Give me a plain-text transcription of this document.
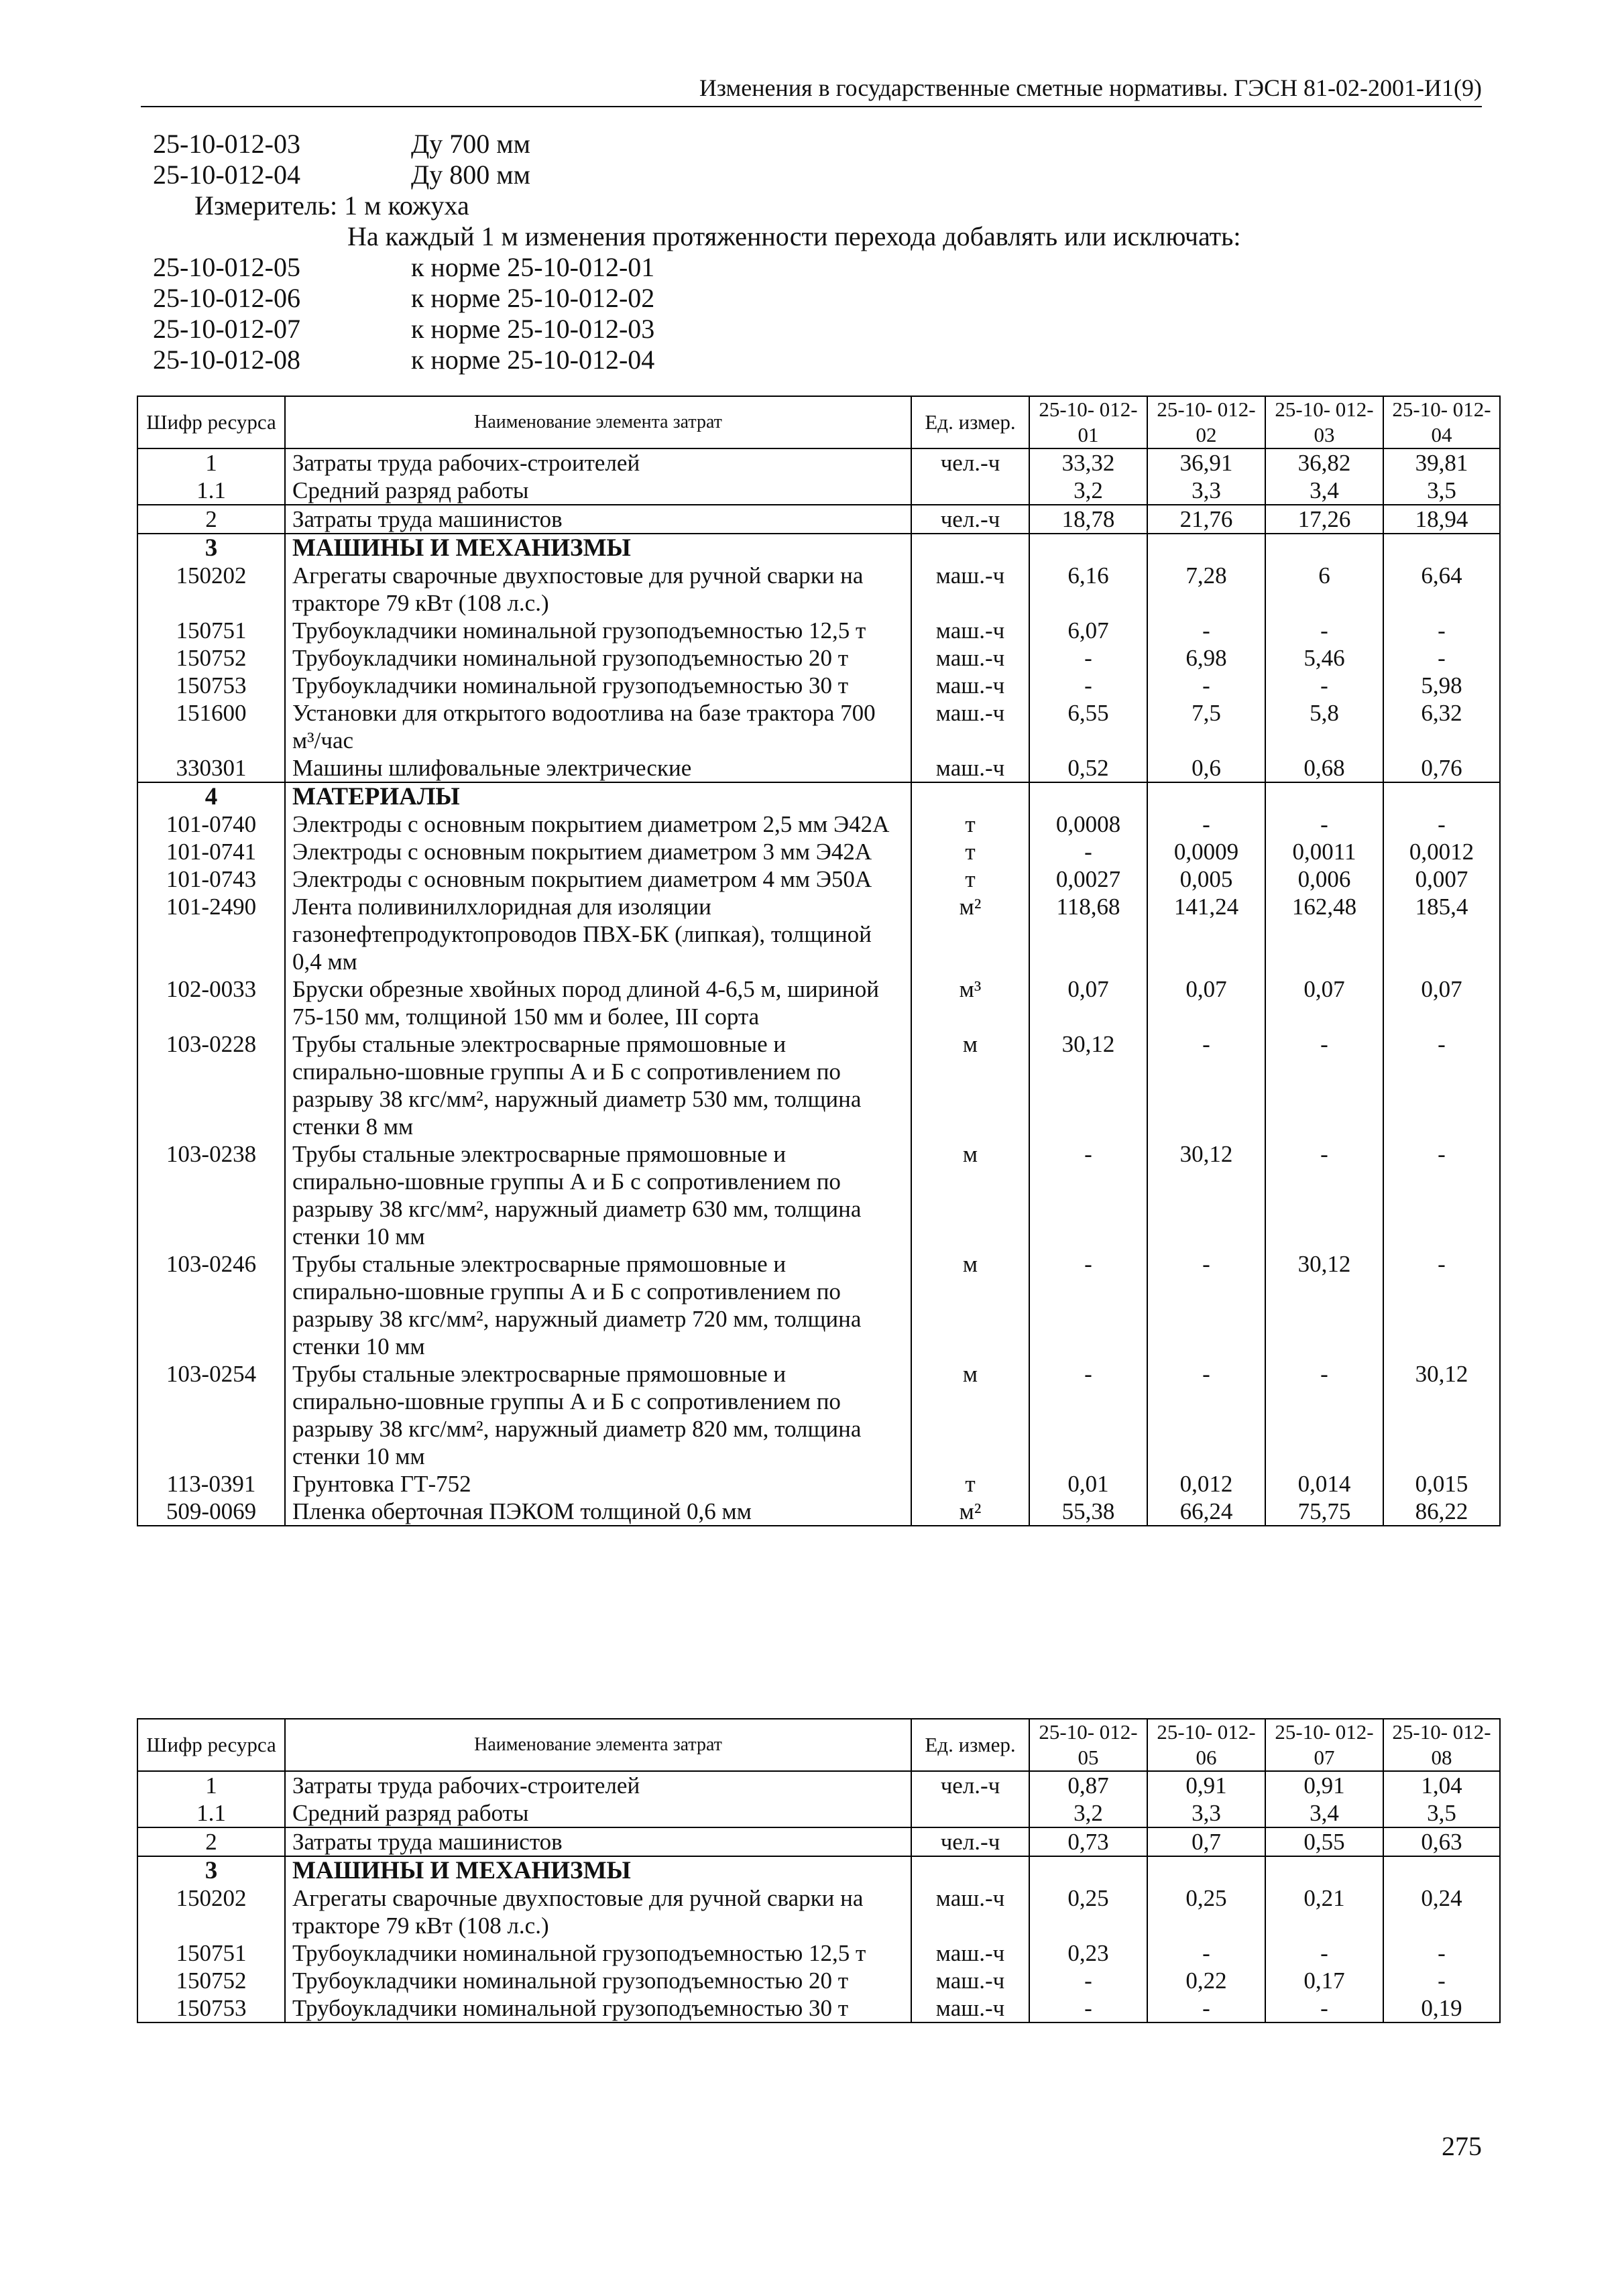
Изменения в государственные сметные нормативы. ГЭСН 81-02-2001-И1(9)
25-10-012-03	Ду 700 мм
25-10-012-04	Ду 800 мм
Измеритель: 1 м кожуха
На каждый 1 м изменения протяженности перехода добавлять или исключать:
25-10-012-05	к норме 25-10-012-01
25-10-012-06	к норме 25-10-012-02
25-10-012-07	к норме 25-10-012-03
25-10-012-08	к норме 25-10-012-04
Шифр ресурса	Наименование элемента затрат	Ед. измер.	25-10- 012-01	25-10- 012-02	25-10- 012-03	25-10- 012-04
1	Затраты труда рабочих-строителей	чел.-ч	33,32	36,91	36,82	39,81
1.1	Средний разряд работы		3,2	3,3	3,4	3,5
2	Затраты труда машинистов	чел.-ч	18,78	21,76	17,26	18,94
3	МАШИНЫ И МЕХАНИЗМЫ					
150202	Агрегаты сварочные двухпостовые для ручной сварки на тракторе 79 кВт (108 л.с.)	маш.-ч	6,16	7,28	6	6,64
150751	Трубоукладчики номинальной грузоподъемностью 12,5 т	маш.-ч	6,07	-	-	-
150752	Трубоукладчики номинальной грузоподъемностью 20 т	маш.-ч	-	6,98	5,46	-
150753	Трубоукладчики номинальной грузоподъемностью 30 т	маш.-ч	-	-	-	5,98
151600	Установки для открытого водоотлива на базе трактора 700 м³/час	маш.-ч	6,55	7,5	5,8	6,32
330301	Машины шлифовальные электрические	маш.-ч	0,52	0,6	0,68	0,76
4	МАТЕРИАЛЫ					
101-0740	Электроды с основным покрытием диаметром 2,5 мм Э42А	т	0,0008	-	-	-
101-0741	Электроды с основным покрытием диаметром 3 мм Э42А	т	-	0,0009	0,0011	0,0012
101-0743	Электроды с основным покрытием диаметром 4 мм Э50А	т	0,0027	0,005	0,006	0,007
101-2490	Лента поливинилхлоридная для изоляции газонефтепродуктопроводов ПВХ-БК (липкая), толщиной 0,4 мм	м²	118,68	141,24	162,48	185,4
102-0033	Бруски обрезные хвойных пород длиной 4-6,5 м, шириной 75-150 мм, толщиной 150 мм и более, III сорта	м³	0,07	0,07	0,07	0,07
103-0228	Трубы стальные электросварные прямошовные и спирально-шовные группы А и Б с сопротивлением по разрыву 38 кгс/мм², наружный диаметр 530 мм, толщина стенки 8 мм	м	30,12	-	-	-
103-0238	Трубы стальные электросварные прямошовные и спирально-шовные группы А и Б с сопротивлением по разрыву 38 кгс/мм², наружный диаметр 630 мм, толщина стенки 10 мм	м	-	30,12	-	-
103-0246	Трубы стальные электросварные прямошовные и спирально-шовные группы А и Б с сопротивлением по разрыву 38 кгс/мм², наружный диаметр 720 мм, толщина стенки 10 мм	м	-	-	30,12	-
103-0254	Трубы стальные электросварные прямошовные и спирально-шовные группы А и Б с сопротивлением по разрыву 38 кгс/мм², наружный диаметр 820 мм, толщина стенки 10 мм	м	-	-	-	30,12
113-0391	Грунтовка ГТ-752	т	0,01	0,012	0,014	0,015
509-0069	Пленка оберточная ПЭКОМ толщиной 0,6 мм	м²	55,38	66,24	75,75	86,22
Шифр ресурса	Наименование элемента затрат	Ед. измер.	25-10- 012-05	25-10- 012-06	25-10- 012-07	25-10- 012-08
1	Затраты труда рабочих-строителей	чел.-ч	0,87	0,91	0,91	1,04
1.1	Средний разряд работы		3,2	3,3	3,4	3,5
2	Затраты труда машинистов	чел.-ч	0,73	0,7	0,55	0,63
3	МАШИНЫ И МЕХАНИЗМЫ					
150202	Агрегаты сварочные двухпостовые для ручной сварки на тракторе 79 кВт (108 л.с.)	маш.-ч	0,25	0,25	0,21	0,24
150751	Трубоукладчики номинальной грузоподъемностью 12,5 т	маш.-ч	0,23	-	-	-
150752	Трубоукладчики номинальной грузоподъемностью 20 т	маш.-ч	-	0,22	0,17	-
150753	Трубоукладчики номинальной грузоподъемностью 30 т	маш.-ч	-	-	-	0,19
275
